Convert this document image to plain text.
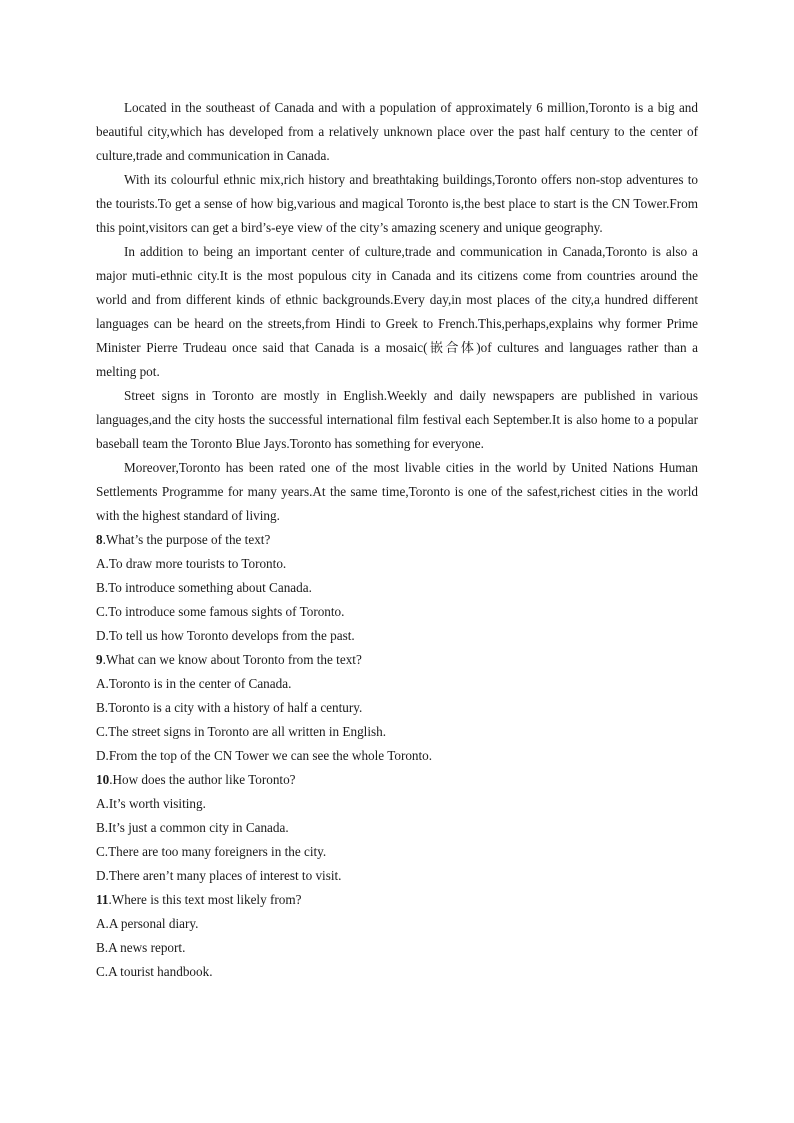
Located in the southeast of Canada and with a population of approximately 6 million,Toronto is a big and beautiful city,which has developed from a relatively unknown place over the past half century to the center of culture,trade and communication in Canada.

With its colourful ethnic mix,rich history and breathtaking buildings,Toronto offers non-stop adventures to the tourists.To get a sense of how big,various and magical Toronto is,the best place to start is the CN Tower.From this point,visitors can get a bird’s-eye view of the city’s amazing scenery and unique geography.

In addition to being an important center of culture,trade and communication in Canada,Toronto is also a major muti-ethnic city.It is the most populous city in Canada and its citizens come from countries around the world and from different kinds of ethnic backgrounds.Every day,in most places of the city,a hundred different languages can be heard on the streets,from Hindi to Greek to French.This,perhaps,explains why former Prime Minister Pierre Trudeau once said that Canada is a mosaic(嵌合体)of cultures and languages rather than a melting pot.

Street signs in Toronto are mostly in English.Weekly and daily newspapers are published in various languages,and the city hosts the successful international film festival each September.It is also home to a popular baseball team the Toronto Blue Jays.Toronto has something for everyone.

Moreover,Toronto has been rated one of the most livable cities in the world by United Nations Human Settlements Programme for many years.At the same time,Toronto is one of the safest,richest cities in the world with the highest standard of living.

8.What’s the purpose of the text?

A.To draw more tourists to Toronto.

B.To introduce something about Canada.

C.To introduce some famous sights of Toronto.

D.To tell us how Toronto develops from the past.

9.What can we know about Toronto from the text?

A.Toronto is in the center of Canada.

B.Toronto is a city with a history of half a century.

C.The street signs in Toronto are all written in English.

D.From the top of the CN Tower we can see the whole Toronto.

10.How does the author like Toronto?

A.It’s worth visiting.

B.It’s just a common city in Canada.

C.There are too many foreigners in the city.

D.There aren’t many places of interest to visit.

11.Where is this text most likely from?

A.A personal diary.

B.A news report.

C.A tourist handbook.
